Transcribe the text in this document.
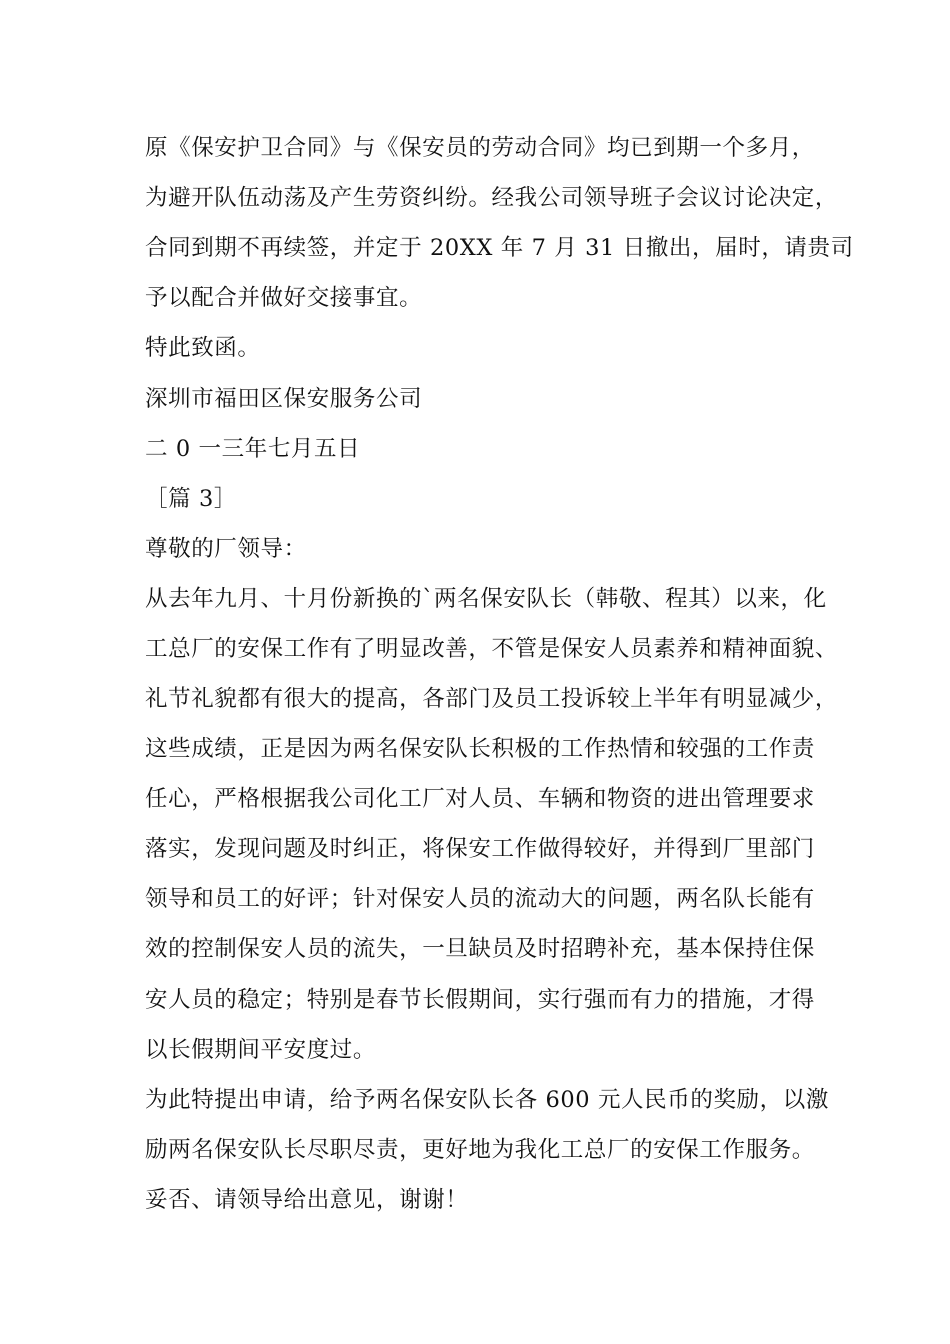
原《保安护卫合同》与《保安员的劳动合同》均已到期一个多月，
为避开队伍动荡及产生劳资纠纷。经我公司领导班子会议讨论决定，
合同到期不再续签，并定于 20XX 年 7 月 31 日撤出，届时，请贵司
予以配合并做好交接事宜。
特此致函。
深圳市福田区保安服务公司
二 0 一三年七月五日
［篇 3］
尊敬的厂领导：
从去年九月、十月份新换的`两名保安队长（韩敬、程其）以来，化
工总厂的安保工作有了明显改善，不管是保安人员素养和精神面貌、
礼节礼貌都有很大的提高，各部门及员工投诉较上半年有明显减少，
这些成绩，正是因为两名保安队长积极的工作热情和较强的工作责
任心，严格根据我公司化工厂对人员、车辆和物资的进出管理要求
落实，发现问题及时纠正，将保安工作做得较好，并得到厂里部门
领导和员工的好评；针对保安人员的流动大的问题，两名队长能有
效的控制保安人员的流失，一旦缺员及时招聘补充，基本保持住保
安人员的稳定；特别是春节长假期间，实行强而有力的措施，才得
以长假期间平安度过。
为此特提出申请，给予两名保安队长各 600 元人民币的奖励，以激
励两名保安队长尽职尽责，更好地为我化工总厂的安保工作服务。
妥否、请领导给出意见，谢谢！
